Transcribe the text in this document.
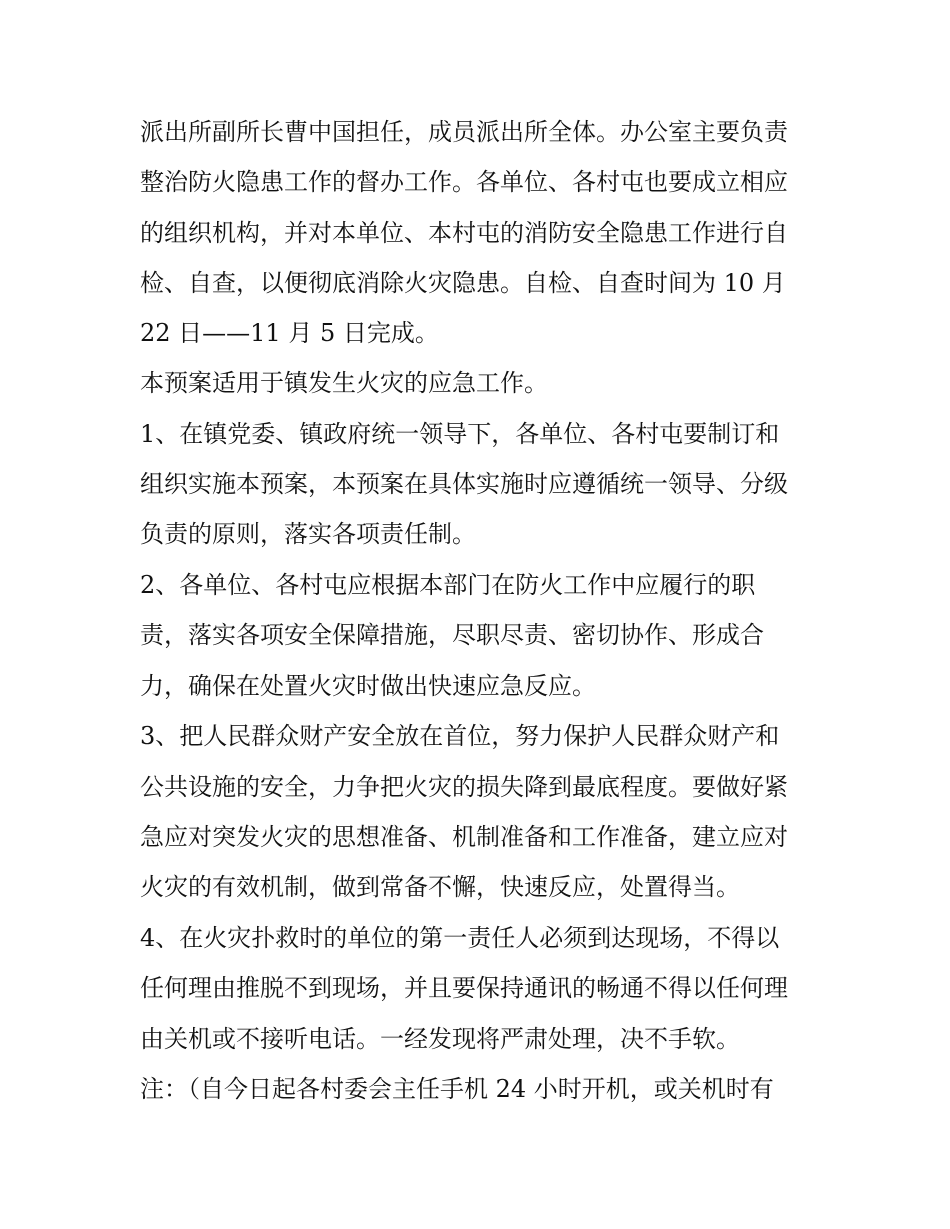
派出所副所长曹中国担任，成员派出所全体。办公室主要负责
整治防火隐患工作的督办工作。各单位、各村屯也要成立相应
的组织机构，并对本单位、本村屯的消防安全隐患工作进行自
检、自查，以便彻底消除火灾隐患。自检、自查时间为 10 月
22 日——11 月 5 日完成。
本预案适用于镇发生火灾的应急工作。
1、在镇党委、镇政府统一领导下，各单位、各村屯要制订和
组织实施本预案，本预案在具体实施时应遵循统一领导、分级
负责的原则，落实各项责任制。
2、各单位、各村屯应根据本部门在防火工作中应履行的职
责，落实各项安全保障措施，尽职尽责、密切协作、形成合
力，确保在处置火灾时做出快速应急反应。
3、把人民群众财产安全放在首位，努力保护人民群众财产和
公共设施的安全，力争把火灾的损失降到最底程度。要做好紧
急应对突发火灾的思想准备、机制准备和工作准备，建立应对
火灾的有效机制，做到常备不懈，快速反应，处置得当。
4、在火灾扑救时的单位的第一责任人必须到达现场，不得以
任何理由推脱不到现场，并且要保持通讯的畅通不得以任何理
由关机或不接听电话。一经发现将严肃处理，决不手软。
注：（自今日起各村委会主任手机 24 小时开机，或关机时有
